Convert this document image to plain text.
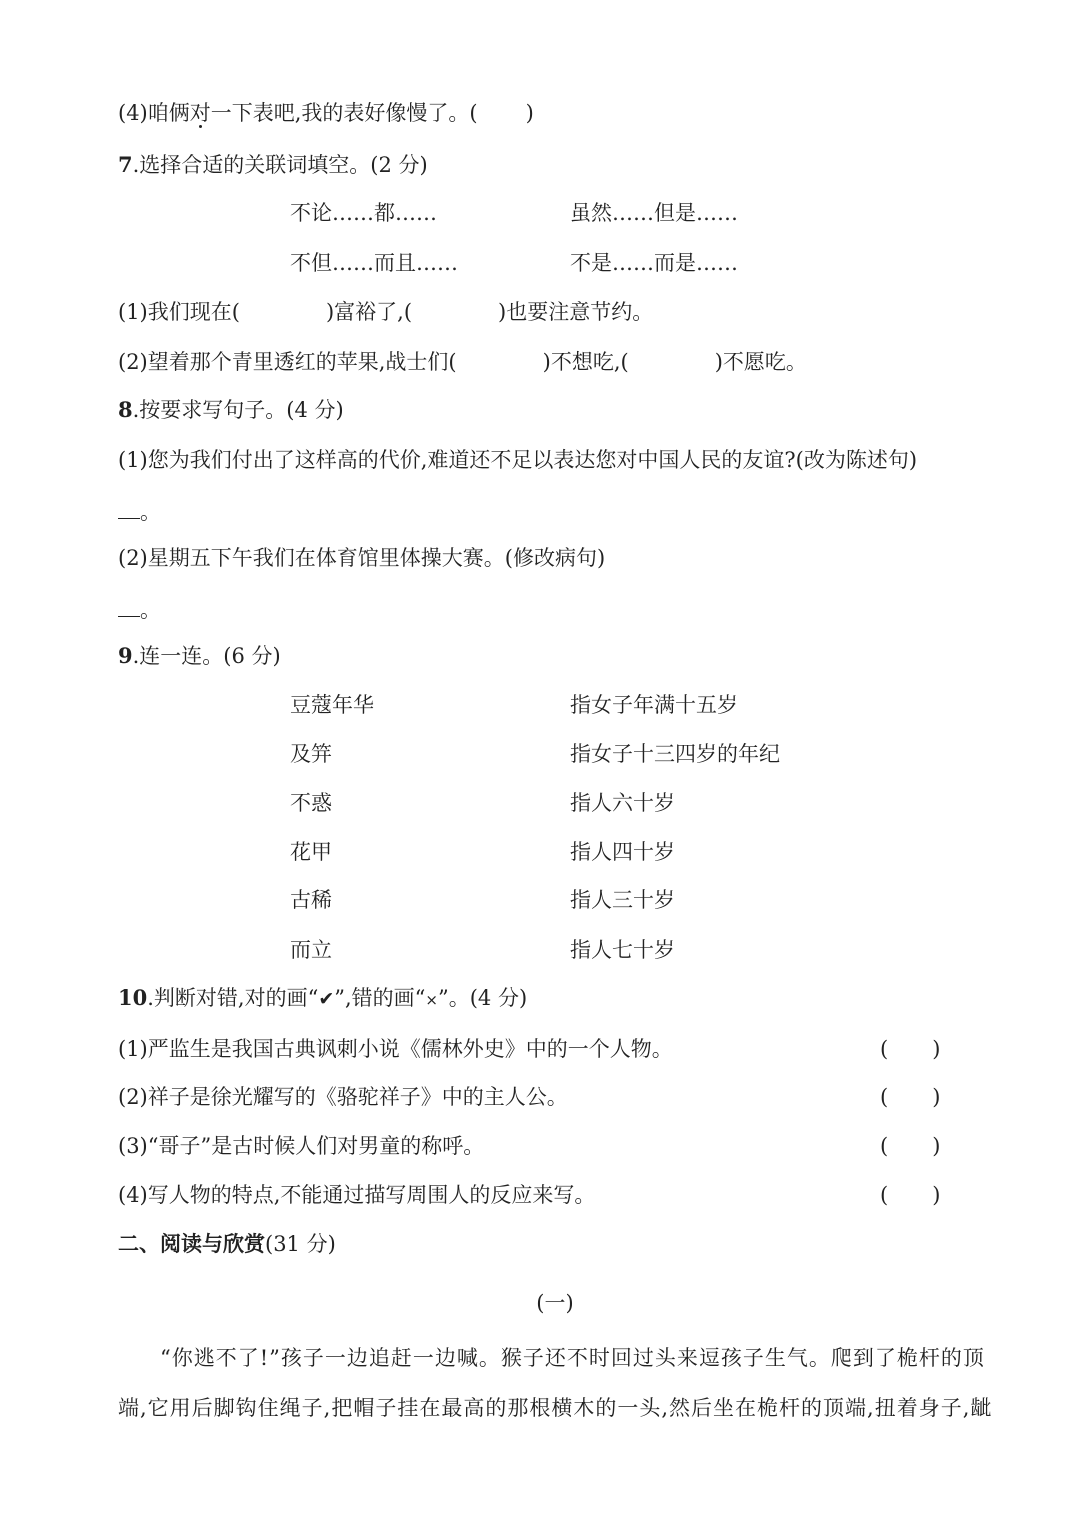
(4)咱俩对一下表吧,我的表好像慢了。( )
7.选择合适的关联词填空。(2 分)
不论……都……	虽然……但是……
不但……而且……	不是……而是……
(1)我们现在(	)富裕了,(	)也要注意节约。
(2)望着那个青里透红的苹果,战士们(	)不想吃,(	)不愿吃。
8.按要求写句子。(4 分)
(1)您为我们付出了这样高的代价,难道还不足以表达您对中国人民的友谊?(改为陈述句)
。
(2)星期五下午我们在体育馆里体操大赛。(修改病句)
。
9.连一连。(6 分)
豆蔻年华	指女子年满十五岁
及笄	指女子十三四岁的年纪
不惑	指人六十岁
花甲	指人四十岁
古稀	指人三十岁
而立	指人七十岁
10.判断对错,对的画“✔”,错的画“×”。(4 分)
(1)严监生是我国古典讽刺小说《儒林外史》中的一个人物。	( )
(2)祥子是徐光耀写的《骆驼祥子》中的主人公。	( )
(3)“哥子”是古时候人们对男童的称呼。	( )
(4)写人物的特点,不能通过描写周围人的反应来写。	( )
二、阅读与欣赏(31 分)
(一)
“你逃不了!”孩子一边追赶一边喊。猴子还不时回过头来逗孩子生气。爬到了桅杆的顶
端,它用后脚钩住绳子,把帽子挂在最高的那根横木的一头,然后坐在桅杆的顶端,扭着身子,龇
